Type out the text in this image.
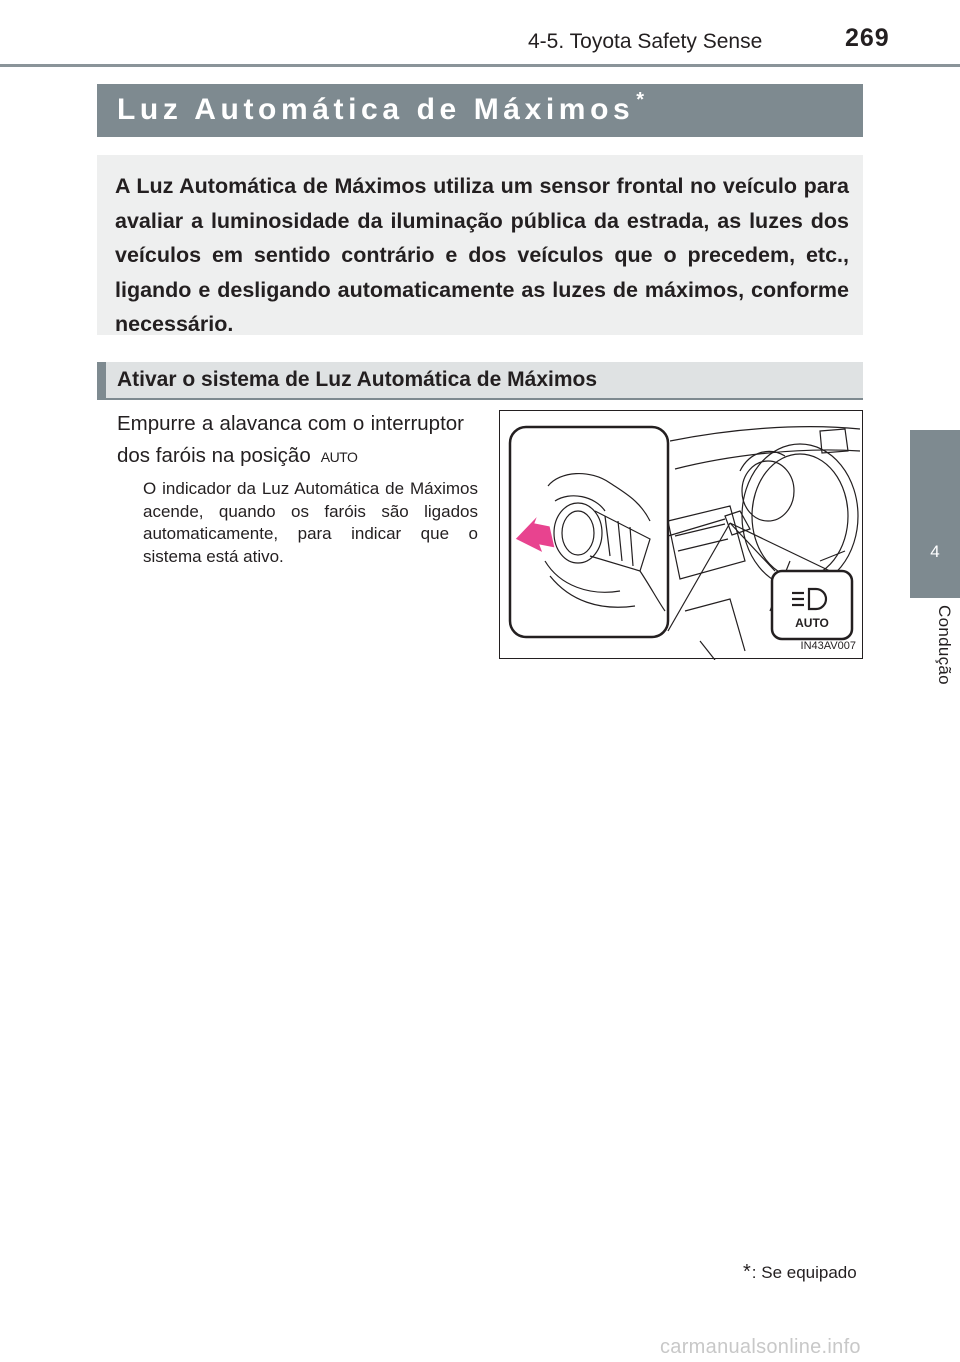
4-5. Toyota Safety Sense	269
4
Condução
Luz Automática de Máximos *
A Luz Automática de Máximos utiliza um sensor frontal no veículo para avaliar a luminosidade da iluminação pública da estrada, as luzes dos veículos em sentido contrário e dos veículos que o precedem, etc., ligando e desligando automaticamente as luzes de máximos, conforme necessário.
Ativar o sistema de Luz Automática de Máximos
Empurre a alavanca com o interruptor dos faróis na posição AUTO
O indicador da Luz Automática de Máximos acende, quando os faróis são ligados automaticamente, para indicar que o sistema está ativo.
AUTO
IN43AV007
*: Se equipado
carmanualsonline.info
